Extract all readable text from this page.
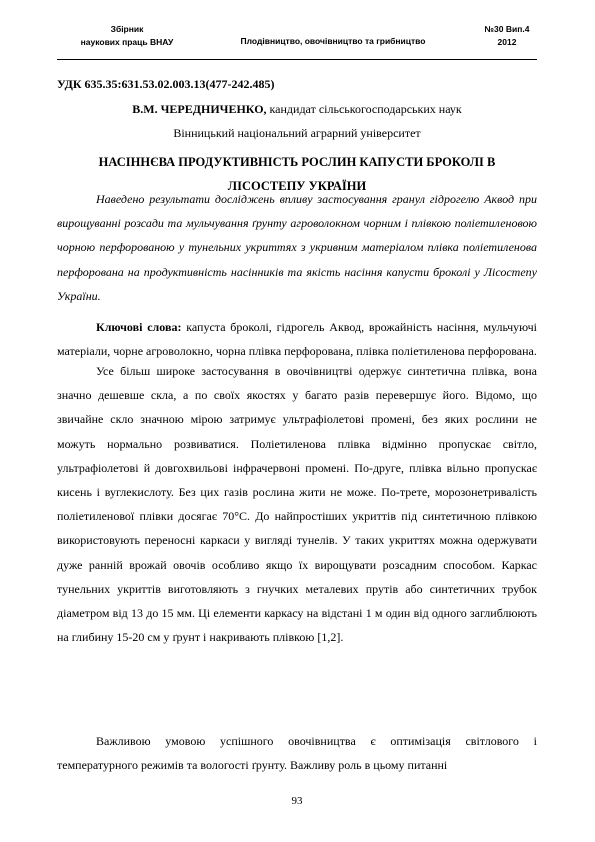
Збірник
наукових праць ВНАУ	Плодівництво, овочівництво та грибництво
№30 Вип.4
2012
УДК 635.35:631.53.02.003.13(477-242.485)
В.М. ЧЕРЕДНИЧЕНКО, кандидат сільськогосподарських наук
Вінницький національний аграрний університет
НАСІННЄВА ПРОДУКТИВНІСТЬ РОСЛИН КАПУСТИ БРОКОЛІ В
ЛІСОСТЕПУ УКРАЇНИ

Наведено результати досліджень впливу застосування гранул гідрогелю Аквод при вирощуванні розсади та мульчування ґрунту агроволокном чорним і плівкою поліетиленовою чорною перфорованою у тунельних укриттях з укривним матеріалом плівка поліетиленова перфорована на продуктивність насінників та якість насіння капусти броколі у Лісостепу України.

Ключові слова: капуста броколі, гідрогель Аквод, врожайність насіння, мульчуючі матеріали, чорне агроволокно, чорна плівка перфорована, плівка поліетиленова перфорована.

Усе більш широке застосування в овочівництві одержує синтетична плівка, вона значно дешевше скла, а по своїх якостях у багато разів перевершує його. Відомо, що звичайне скло значною мірою затримує ультрафіолетові промені, без яких рослини не можуть нормально розвиватися. Поліетиленова плівка відмінно пропускає світло, ультрафіолетові й довгохвильові інфрачервоні промені. По-друге, плівка вільно пропускає кисень і вуглекислоту. Без цих газів рослина жити не може. По-трете, морозонетривалість поліетиленової плівки досягає 70°С. До найпростіших укриттів під синтетичною плівкою використовують переносні каркаси у вигляді тунелів. У таких укриттях можна одержувати дуже ранній врожай овочів особливо якщо їх вирощувати розсадним способом. Каркас тунельних укриттів виготовляють з гнучких металевих прутів або синтетичних трубок діаметром від 13 до 15 мм. Ці елементи каркасу на відстані 1 м один від одного заглиблюють на глибину 15-20 см у ґрунт і накривають плівкою [1,2].

Важливою умовою успішного овочівництва є оптимізація світлового і температурного режимів та вологості ґрунту. Важливу роль в цьому питанні

93
